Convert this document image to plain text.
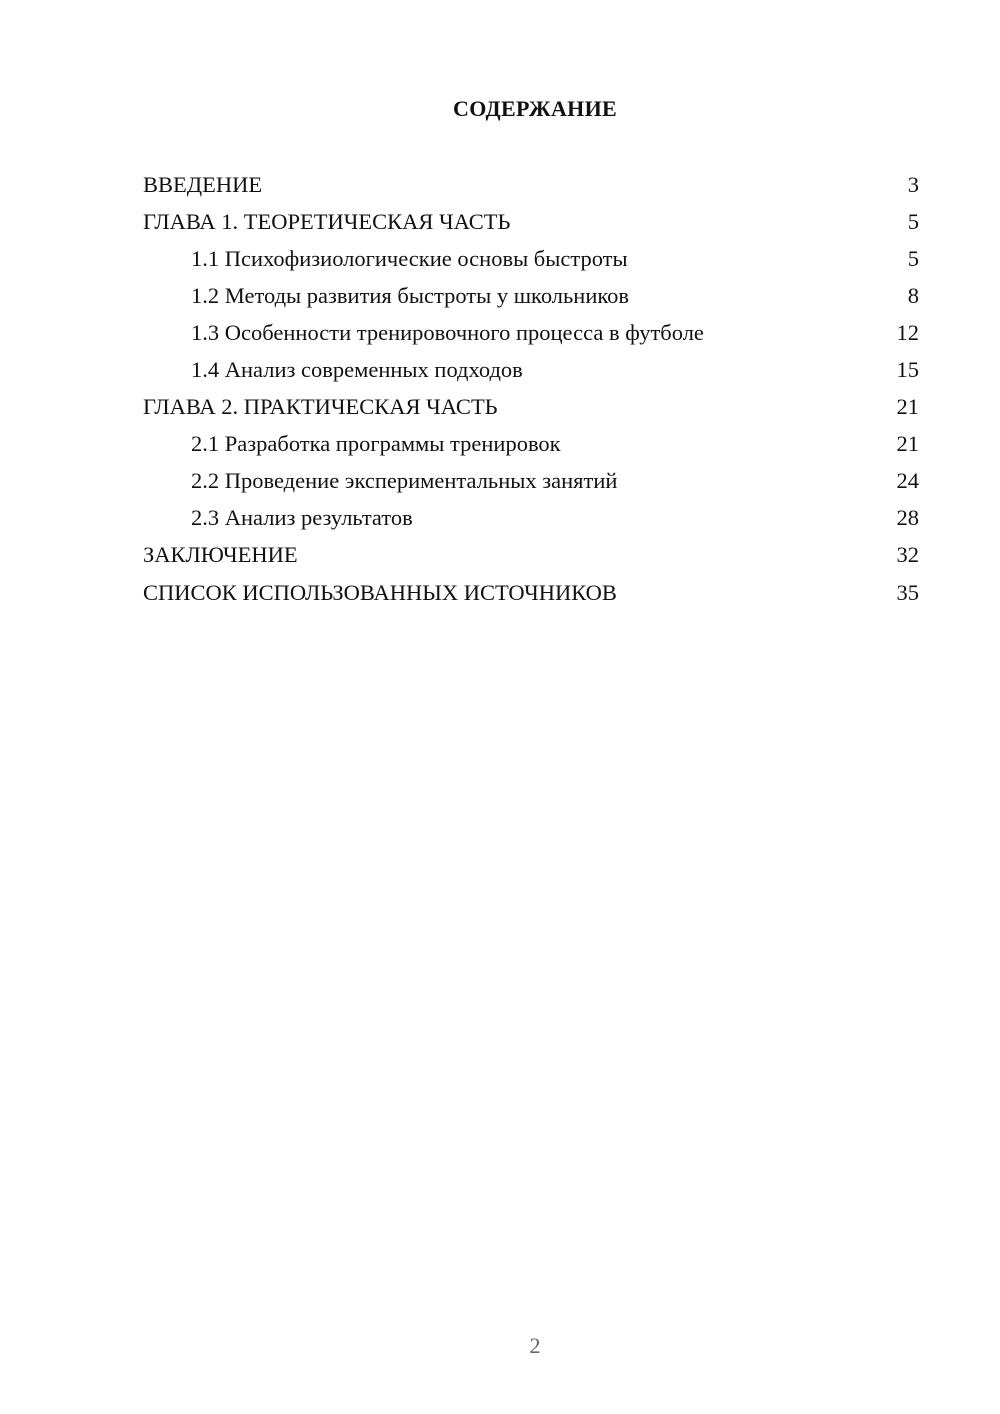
СОДЕРЖАНИЕ
ВВЕДЕНИЕ	3
ГЛАВА 1. ТЕОРЕТИЧЕСКАЯ ЧАСТЬ	5
1.1 Психофизиологические основы быстроты	5
1.2 Методы развития быстроты у школьников	8
1.3 Особенности тренировочного процесса в футболе	12
1.4 Анализ современных подходов	15
ГЛАВА 2. ПРАКТИЧЕСКАЯ ЧАСТЬ	21
2.1 Разработка программы тренировок	21
2.2 Проведение экспериментальных занятий	24
2.3 Анализ результатов	28
ЗАКЛЮЧЕНИЕ	32
СПИСОК ИСПОЛЬЗОВАННЫХ ИСТОЧНИКОВ	35
2
